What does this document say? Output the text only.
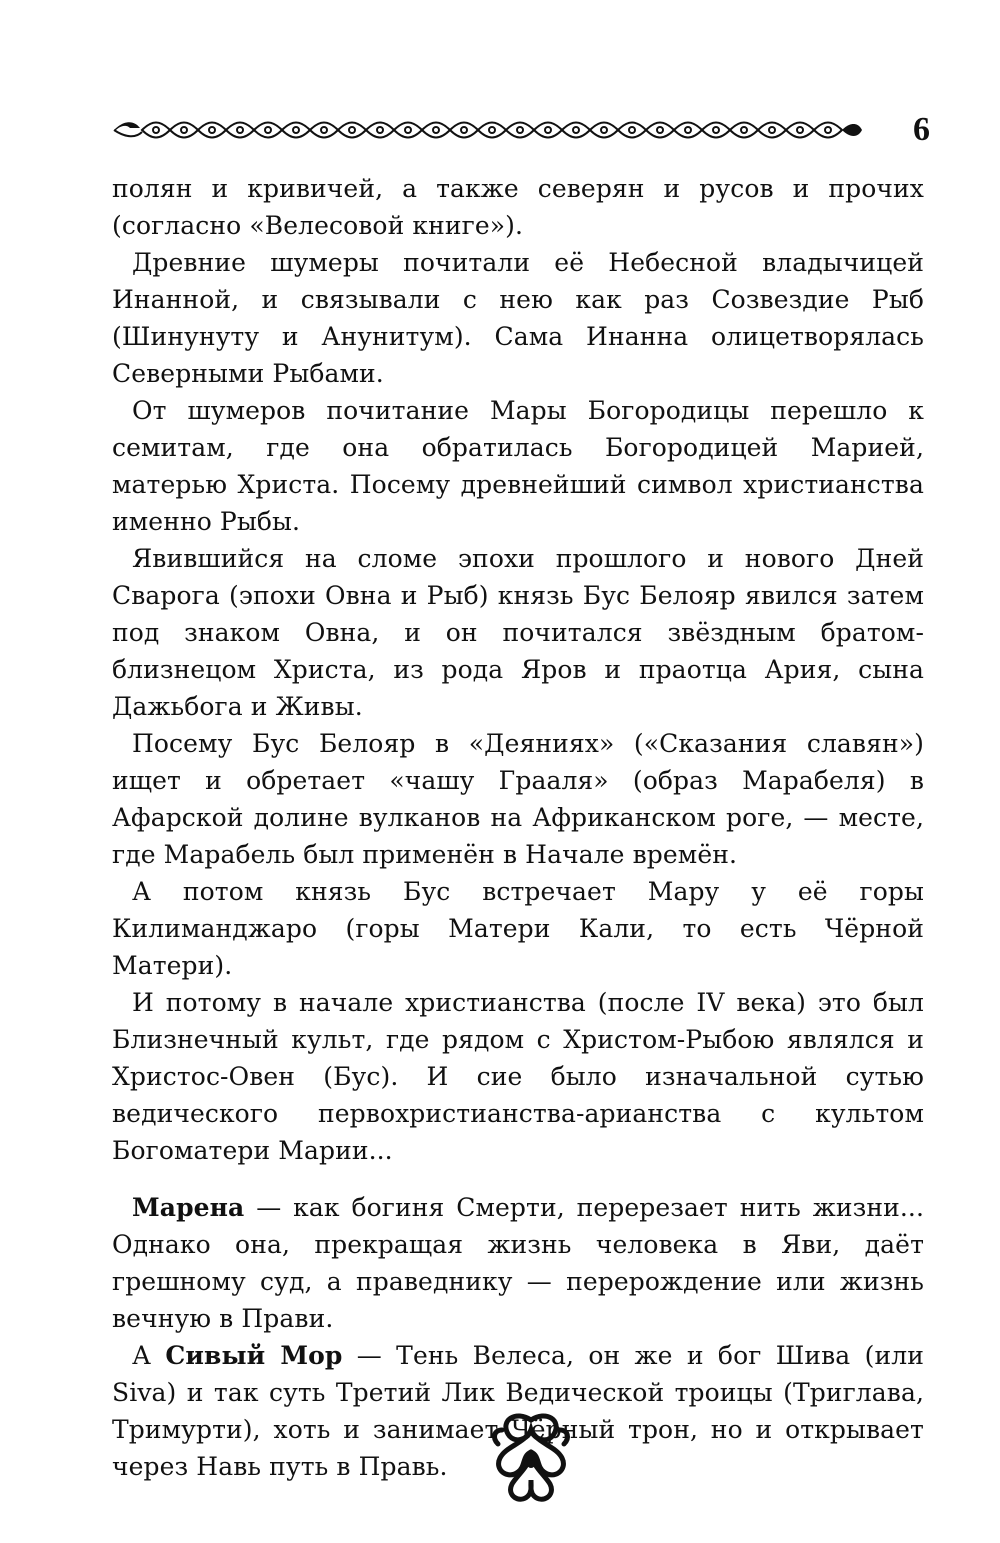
6

полян и кривичей, а также северян и русов и прочих (согласно «Велесовой книге»).

Древние шумеры почитали её Небесной владычицей Инанной, и связывали с нею как раз Созвездие Рыб (Шинунуту и Анунитум). Сама Инанна олицетворялась Северными Рыбами.

От шумеров почитание Мары Богородицы перешло к семитам, где она обратилась Богородицей Марией, матерью Христа. Посему древнейший символ христианства именно Рыбы.

Явившийся на сломе эпохи прошлого и нового Дней Сварога (эпохи Овна и Рыб) князь Бус Белояр явился затем под знаком Овна, и он почитался звёздным братом-близнецом Христа, из рода Яров и праотца Ария, сына Дажьбога и Живы.

Посему Бус Белояр в «Деяниях» («Сказания славян») ищет и обретает «чашу Грааля» (образ Марабеля) в Афарской долине вулканов на Африканском роге, — месте, где Марабель был применён в Начале времён.

А потом князь Бус встречает Мару у её горы Килиманджаро (горы Матери Кали, то есть Чёрной Матери).

И потому в начале христианства (после IV века) это был Близнечный культ, где рядом с Христом-Рыбою являлся и Христос-Овен (Бус). И сие было изначальной сутью ведического первохристианства-арианства с культом Богоматери Марии...

Марена — как богиня Смерти, перерезает нить жизни... Однако она, прекращая жизнь человека в Яви, даёт грешному суд, а праведнику — перерождение или жизнь вечную в Прави.

А Сивый Мор — Тень Велеса, он же и бог Шива (или Siva) и так суть Третий Лик Ведической троицы (Триглава, Тримурти), хоть и занимает Чёрный трон, но и открывает через Навь путь в Правь.
